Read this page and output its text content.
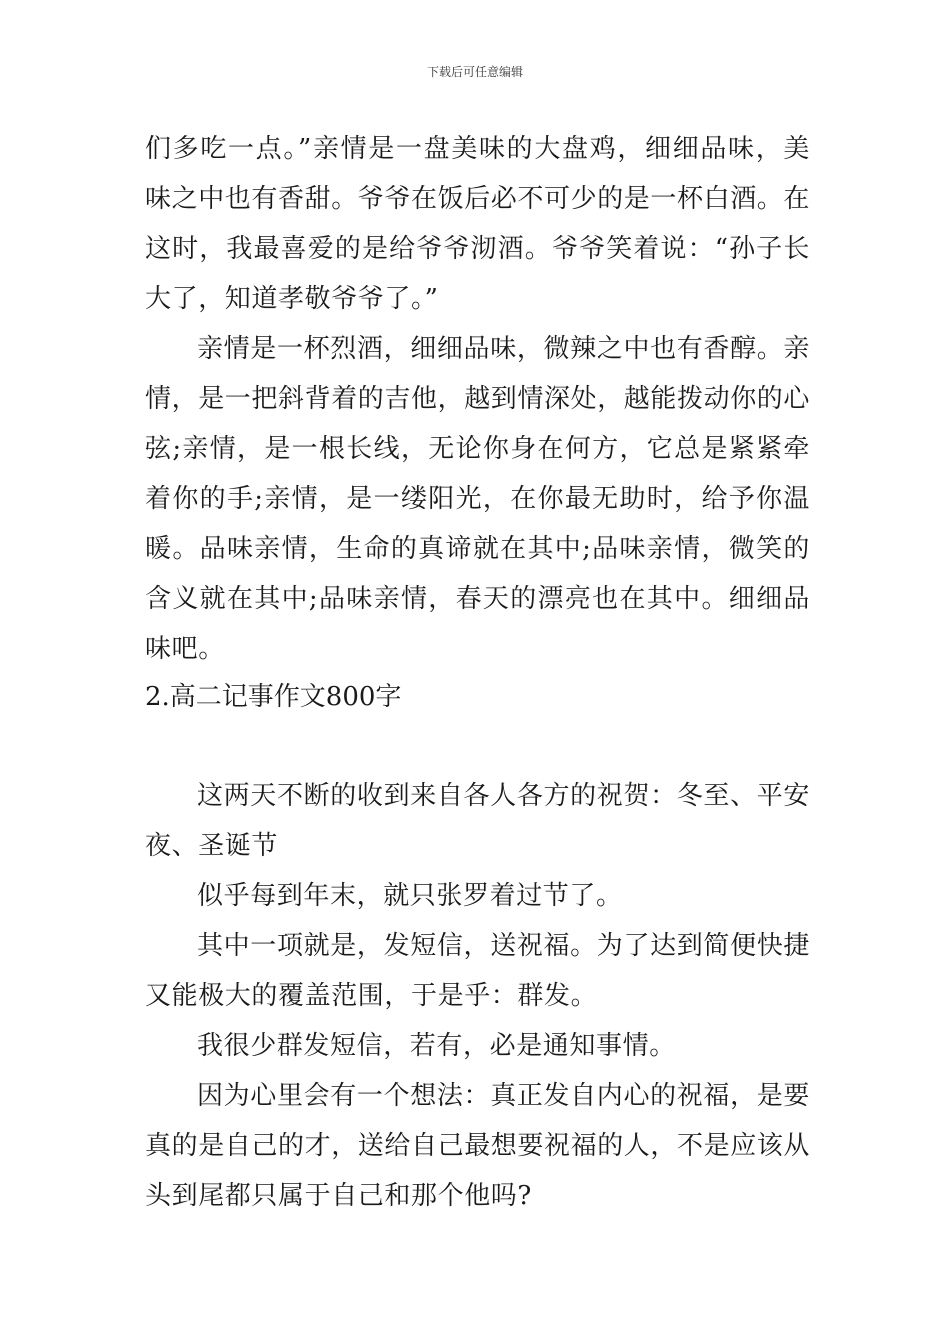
下载后可任意编辑

们多吃一点。”亲情是一盘美味的大盘鸡，细细品味，美味之中也有香甜。爷爷在饭后必不可少的是一杯白酒。在这时，我最喜爱的是给爷爷沏酒。爷爷笑着说：“孙子长大了，知道孝敬爷爷了。”

亲情是一杯烈酒，细细品味，微辣之中也有香醇。亲情，是一把斜背着的吉他，越到情深处，越能拨动你的心弦;亲情，是一根长线，无论你身在何方，它总是紧紧牵着你的手;亲情，是一缕阳光，在你最无助时，给予你温暖。品味亲情，生命的真谛就在其中;品味亲情，微笑的含义就在其中;品味亲情，春天的漂亮也在其中。细细品味吧。

2.高二记事作文800字

这两天不断的收到来自各人各方的祝贺：冬至、平安夜、圣诞节

似乎每到年末，就只张罗着过节了。

其中一项就是，发短信，送祝福。为了达到简便快捷又能极大的覆盖范围，于是乎：群发。

我很少群发短信，若有，必是通知事情。

因为心里会有一个想法：真正发自内心的祝福，是要真的是自己的才，送给自己最想要祝福的人，不是应该从头到尾都只属于自己和那个他吗?
